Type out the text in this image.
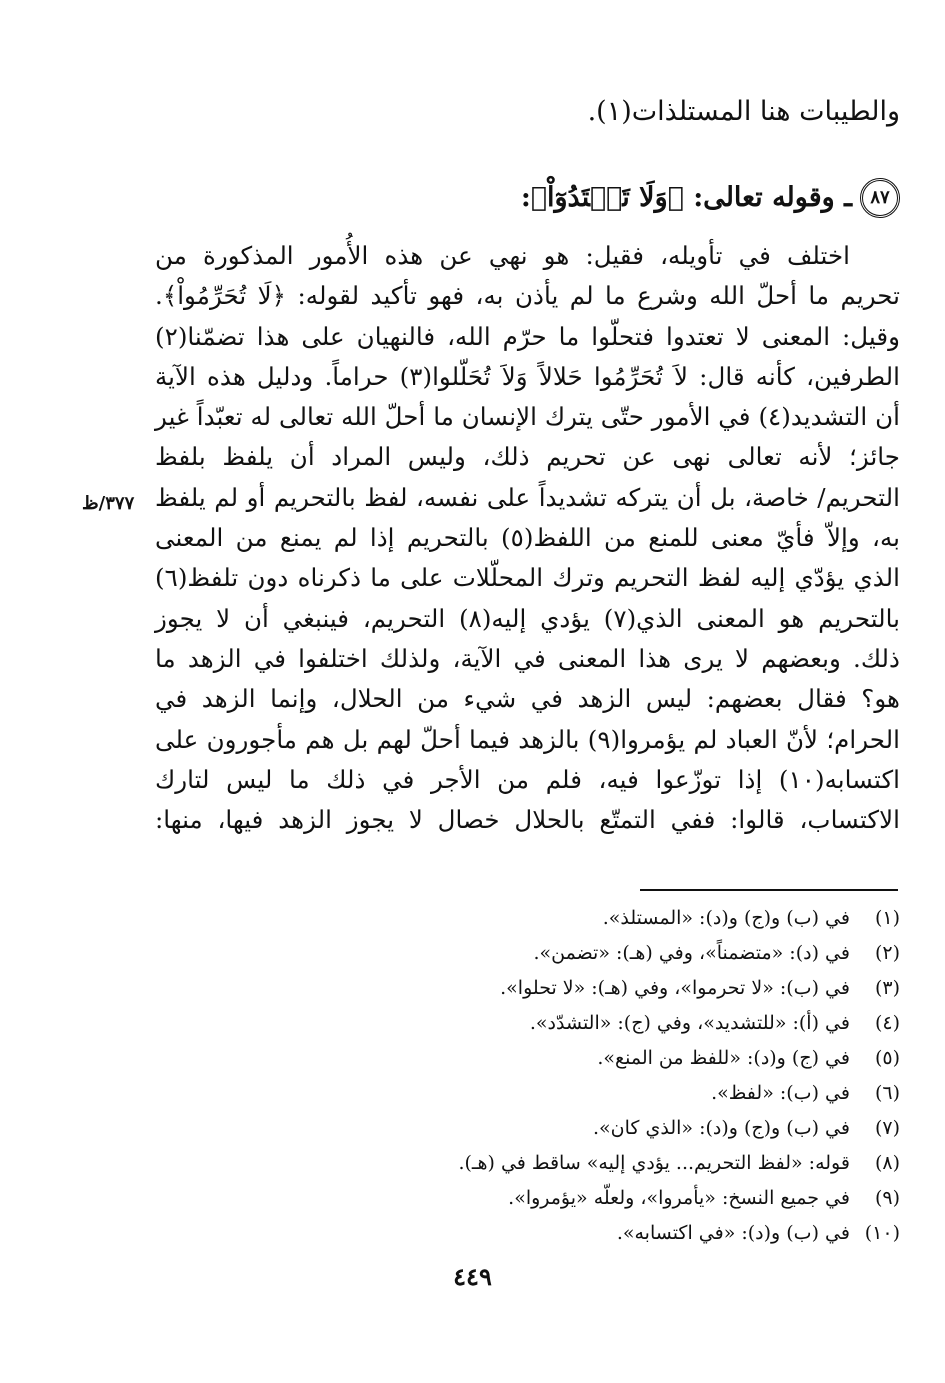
والطيبات هنا المستلذات(١).
٨٧
ـ وقوله تعالى: ﴿وَلَا تَعۡتَدُوٓاْ﴾:
اختلف في تأويله، فقيل: هو نهي عن هذه الأُمور المذكورة من
تحريم ما أحلّ الله وشرع ما لم يأذن به، فهو تأكيد لقوله: ﴿لَا تُحَرِّمُواْ﴾.
وقيل: المعنى لا تعتدوا فتحلّوا ما حرّم الله، فالنهيان على هذا تضمّنا(٢)
الطرفين، كأنه قال: لاَ تُحَرِّمُوا حَلالاً وَلاَ تُحَلّلوا(٣) حراماً. ودليل هذه الآية
أن التشديد(٤) في الأمور حتّى يترك الإنسان ما أحلّ الله تعالى له تعبّداً غير
جائز؛ لأنه تعالى نهى عن تحريم ذلك، وليس المراد أن يلفظ بلفظ
التحريم/ خاصة، بل أن يتركه تشديداً على نفسه، لفظ بالتحريم أو لم يلفظ
به، وإلاّ فأيّ معنى للمنع من اللفظ(٥) بالتحريم إذا لم يمنع من المعنى
الذي يؤدّي إليه لفظ التحريم وترك المحلّلات على ما ذكرناه دون تلفظ(٦)
بالتحريم هو المعنى الذي(٧) يؤدي إليه(٨) التحريم، فينبغي أن لا يجوز
ذلك. وبعضهم لا يرى هذا المعنى في الآية، ولذلك اختلفوا في الزهد ما
هو؟ فقال بعضهم: ليس الزهد في شيء من الحلال، وإنما الزهد في
الحرام؛ لأنّ العباد لم يؤمروا(٩) بالزهد فيما أحلّ لهم بل هم مأجورون على
اكتسابه(١٠) إذا توزّعوا فيه، فلم من الأجر في ذلك ما ليس لتارك
الاكتساب، قالوا: ففي التمتّع بالحلال خصال لا يجوز الزهد فيها، منها:
٣٧٧/ظ
(١) في (ب) و(ج) و(د): «المستلذ».
(٢) في (د): «متضمناً»، وفي (هـ): «تضمن».
(٣) في (ب): «لا تحرموا»، وفي (هـ): «لا تحلوا».
(٤) في (أ): «للتشديد»، وفي (ج): «التشدّد».
(٥) في (ج) و(د): «للفظ من المنع».
(٦) في (ب): «لفظ».
(٧) في (ب) و(ج) و(د): «الذي كان».
(٨) قوله: «لفظ التحريم... يؤدي إليه» ساقط في (هـ).
(٩) في جميع النسخ: «يأمروا»، ولعلّه «يؤمروا».
(١٠) في (ب) و(د): «في اكتسابه».
٤٤٩
